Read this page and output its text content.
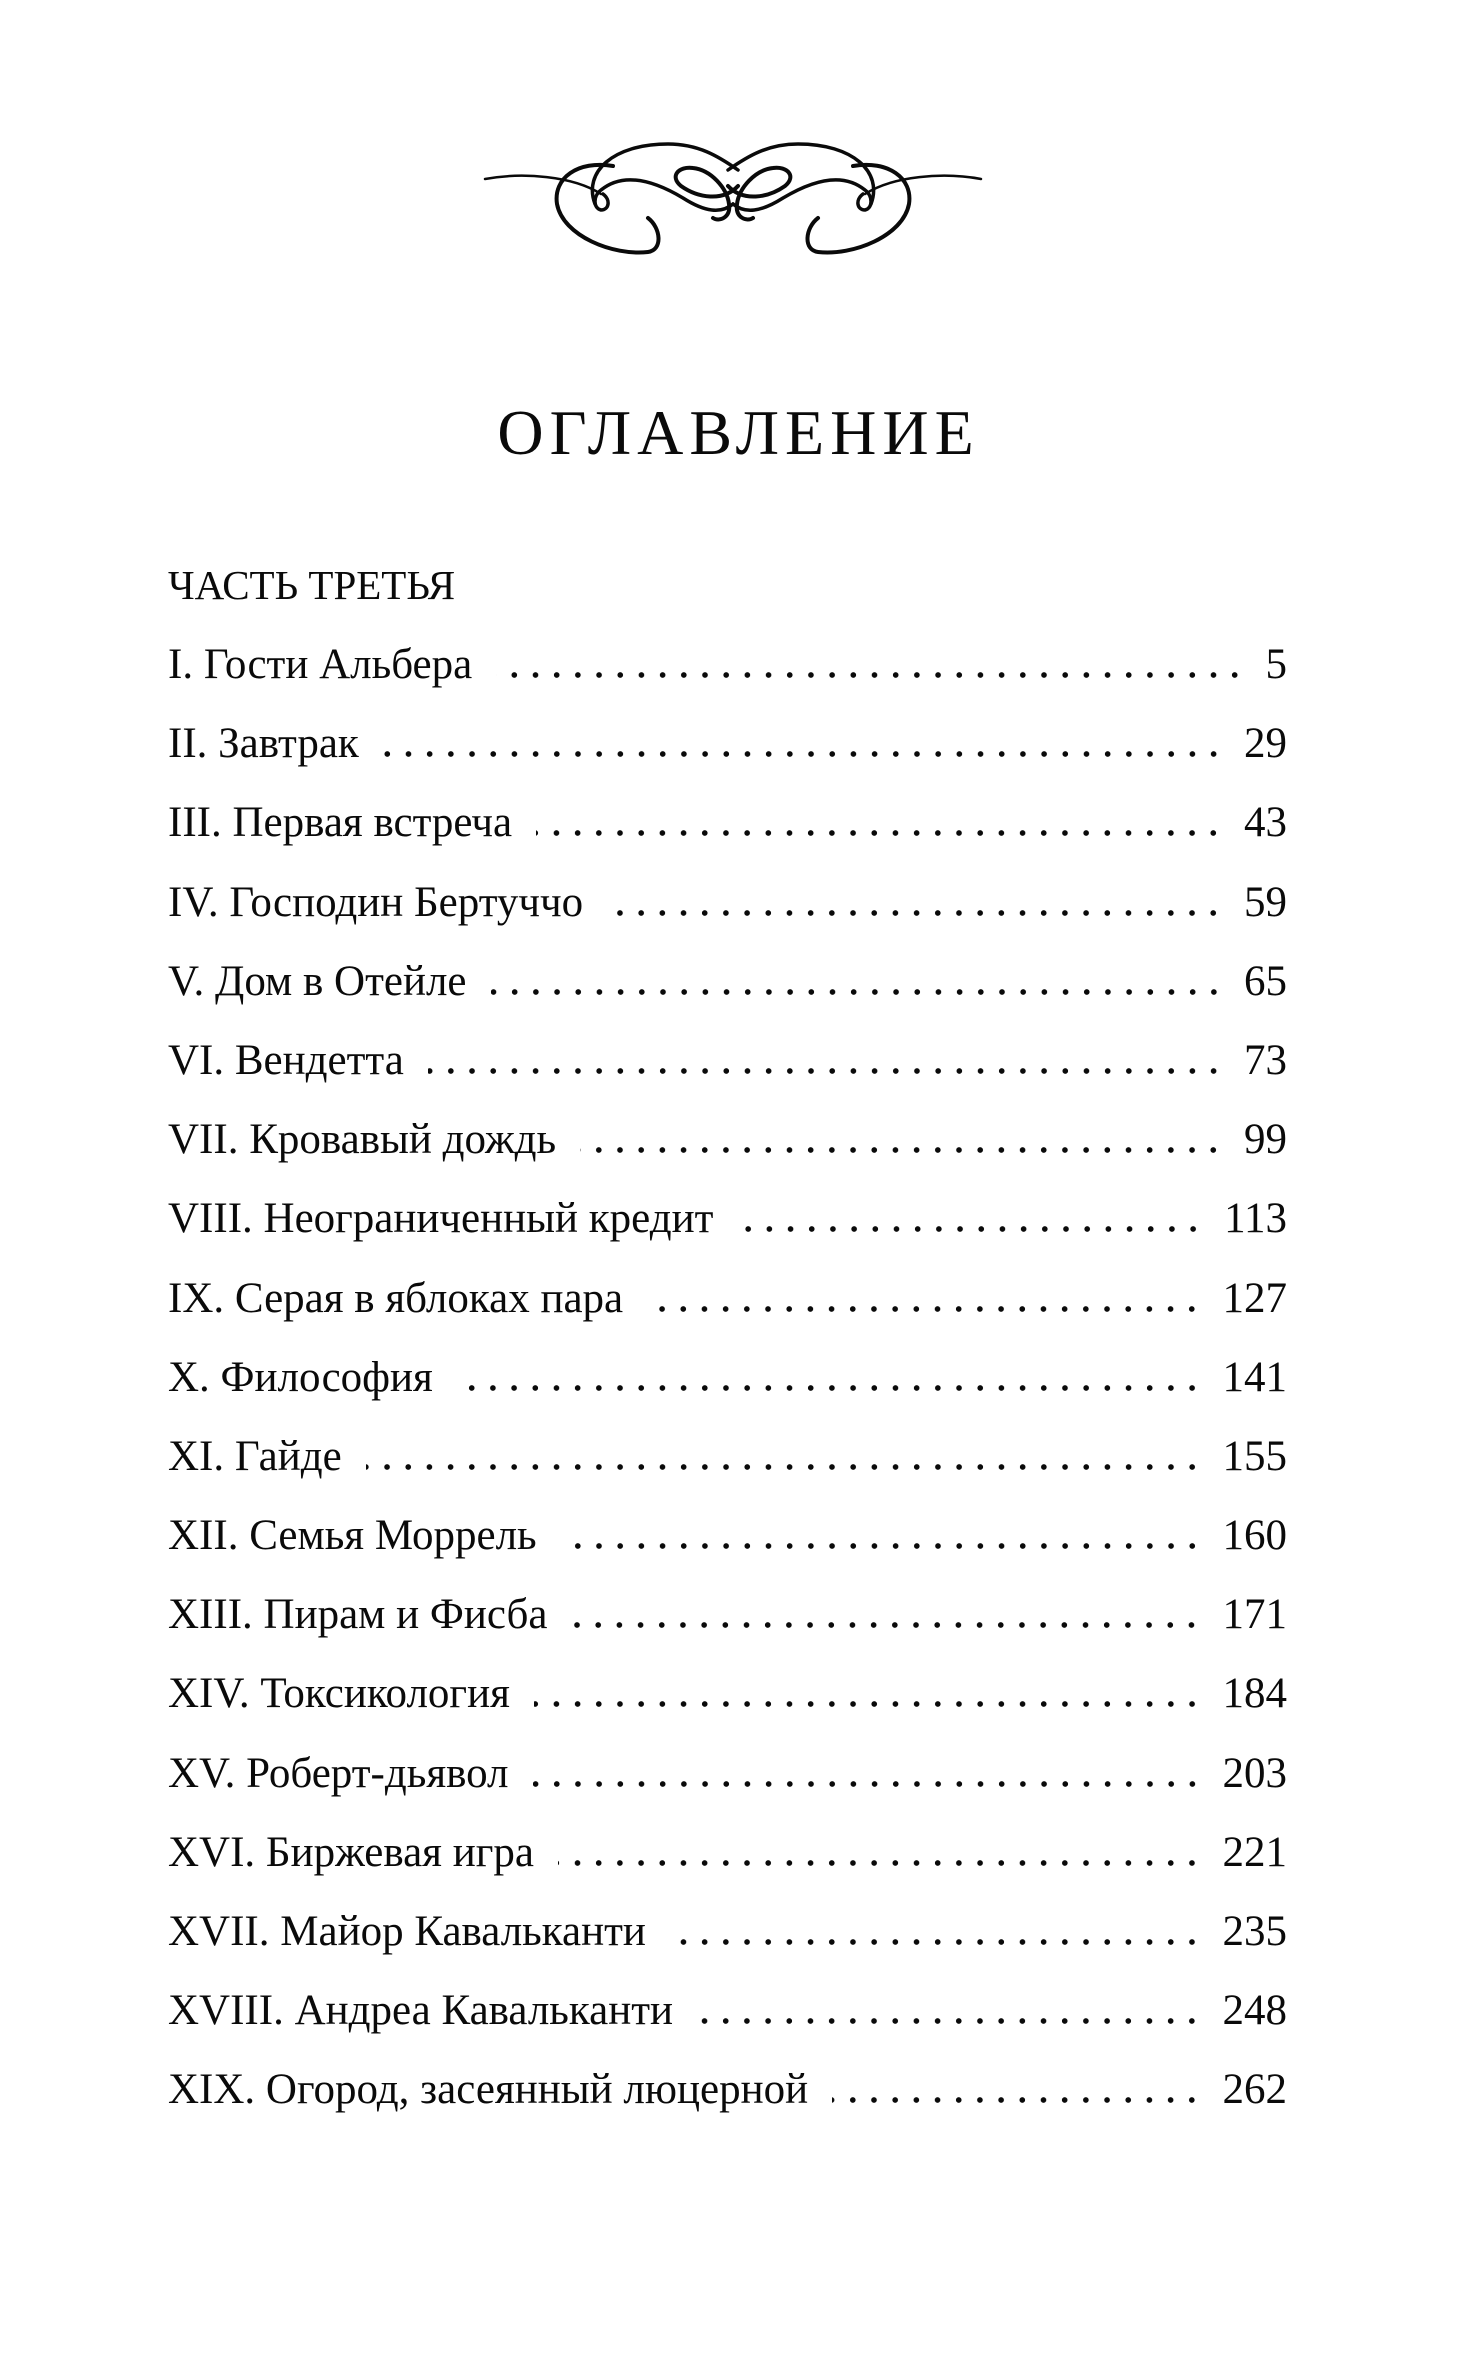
ОГЛАВЛЕНИЕ
ЧАСТЬ ТРЕТЬЯ
I. Гости Альбера	5
II. Завтрак	29
III. Первая встреча	43
IV. Господин Бертуччо	59
V. Дом в Отейле	65
VI. Вендетта	73
VII. Кровавый дождь	99
VIII. Неограниченный кредит	113
IX. Серая в яблоках пара	127
X. Философия	141
XI. Гайде	155
XII. Семья Моррель	160
XIII. Пирам и Фисба	171
XIV. Токсикология	184
XV. Роберт-дьявол	203
XVI. Биржевая игра	221
XVII. Майор Кавальканти	235
XVIII. Андреа Кавальканти	248
XIX. Огород, засеянный люцерной	262
